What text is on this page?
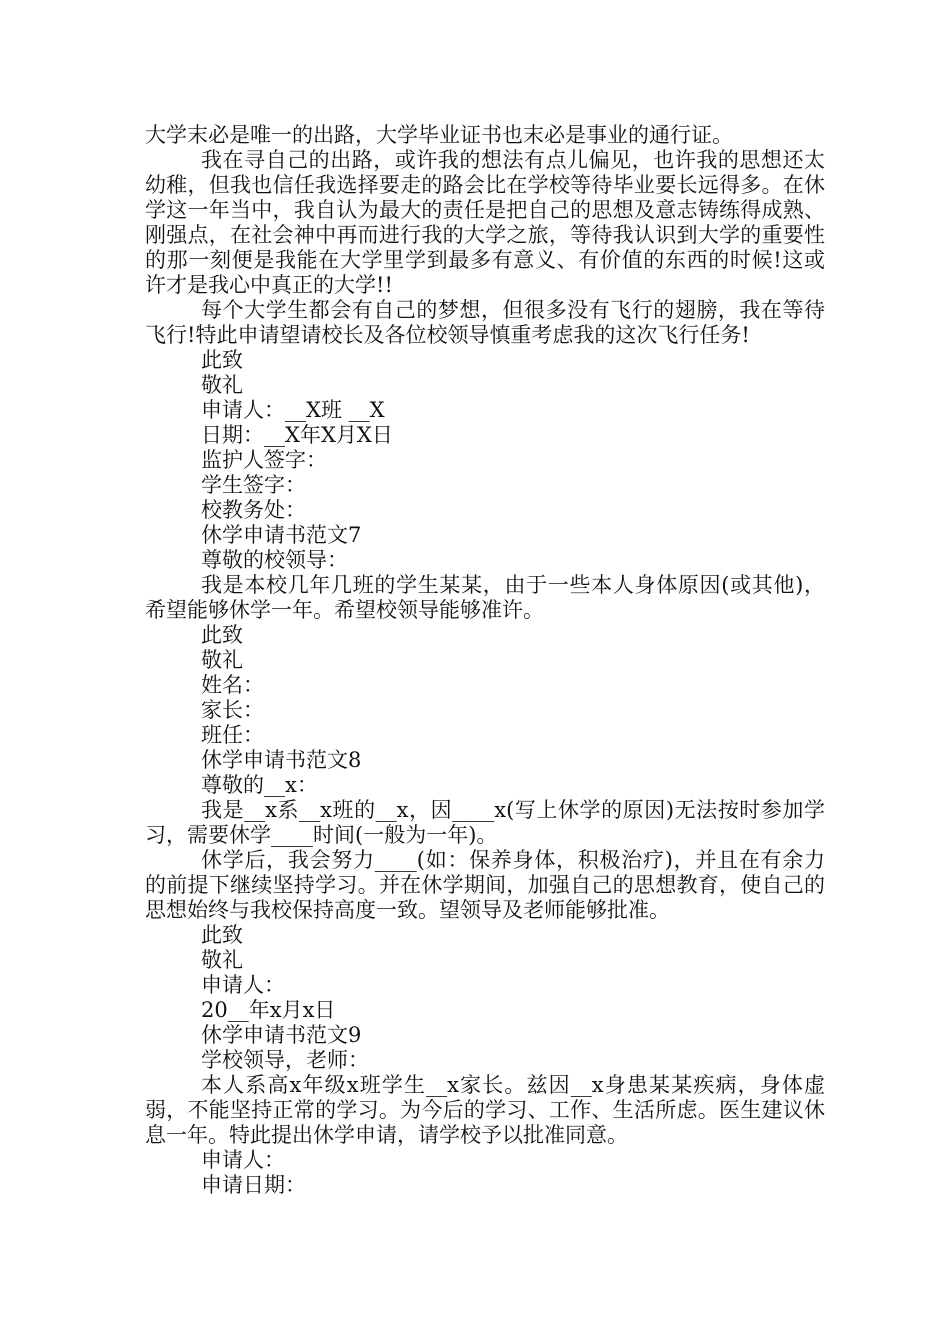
大学末必是唯一的出路，大学毕业证书也末必是事业的通行证。

我在寻自己的出路，或许我的想法有点儿偏见，也许我的思想还太幼稚，但我也信任我选择要走的路会比在学校等待毕业要长远得多。在休学这一年当中，我自认为最大的责任是把自己的思想及意志铸练得成熟、刚强点，在社会神中再而进行我的大学之旅，等待我认识到大学的重要性的那一刻便是我能在大学里学到最多有意义、有价值的东西的时候!这或许才是我心中真正的大学!!

每个大学生都会有自己的梦想，但很多没有飞行的翅膀，我在等待飞行!特此申请望请校长及各位校领导慎重考虑我的这次飞行任务!

此致

敬礼

申请人：__X班 __X

日期：__X年X月X日

监护人签字：

学生签字：

校教务处：

休学申请书范文7

尊敬的校领导：

我是本校几年几班的学生某某，由于一些本人身体原因(或其他)，希望能够休学一年。希望校领导能够准许。

此致

敬礼

姓名：

家长：

班任：

休学申请书范文8

尊敬的__x：

我是__x系__x班的__x，因____x(写上休学的原因)无法按时参加学习，需要休学____时间(一般为一年)。

休学后，我会努力____(如：保养身体，积极治疗)，并且在有余力的前提下继续坚持学习。并在休学期间，加强自己的思想教育，使自己的思想始终与我校保持高度一致。望领导及老师能够批准。

此致

敬礼

申请人：

20__年x月x日

休学申请书范文9

学校领导，老师：

本人系高x年级x班学生__x家长。兹因__x身患某某疾病，身体虚弱，不能坚持正常的学习。为今后的学习、工作、生活所虑。医生建议休息一年。特此提出休学申请，请学校予以批准同意。

申请人：

申请日期：
